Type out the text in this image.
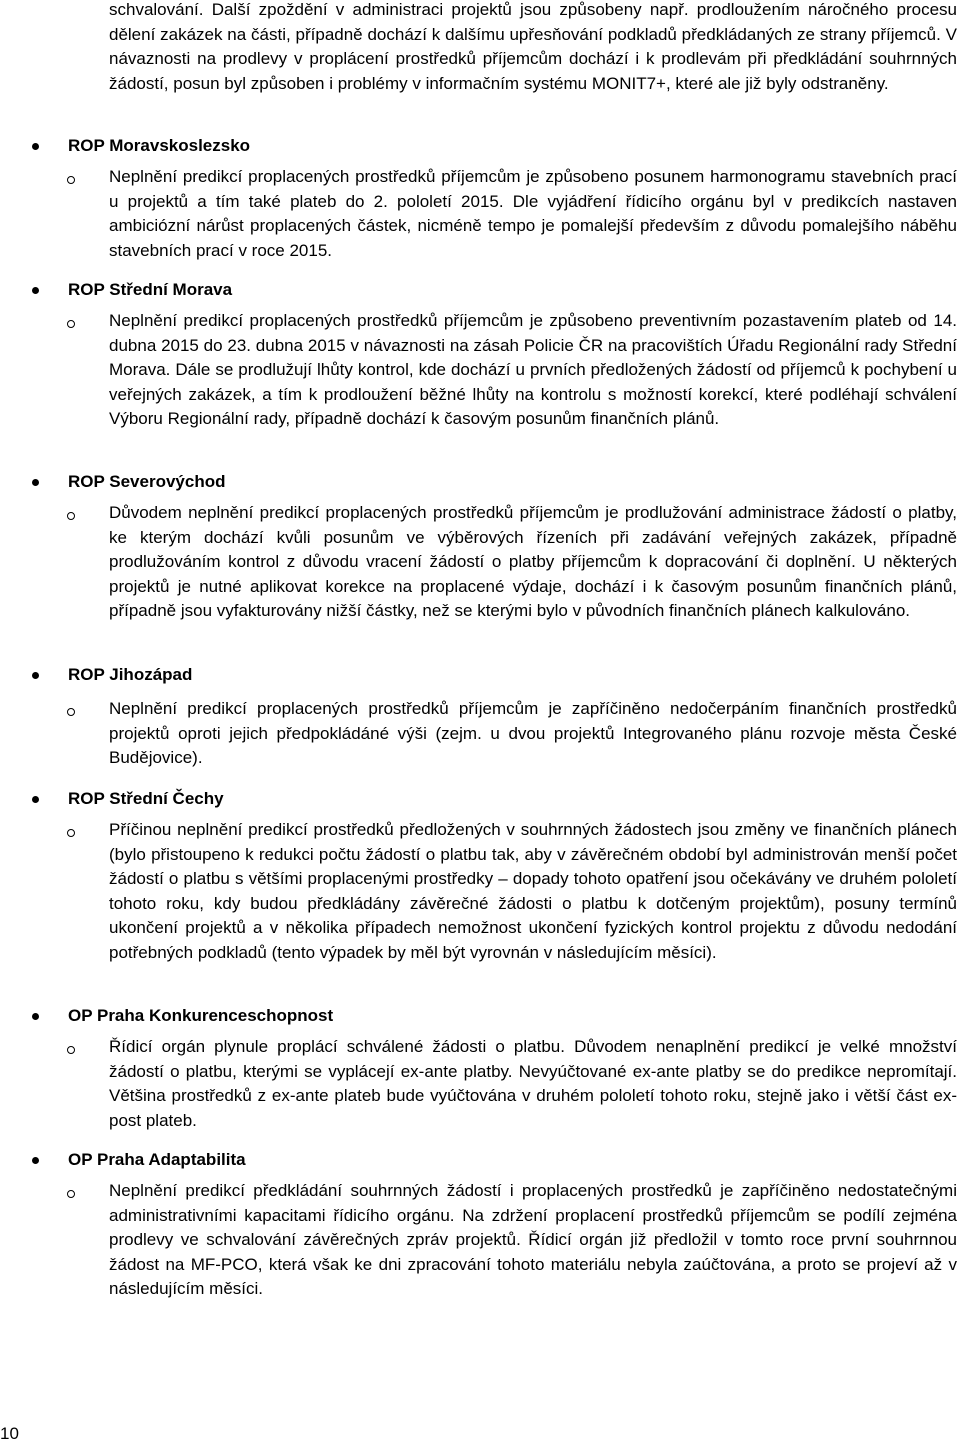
schvalování. Další zpoždění v administraci projektů jsou způsobeny např. prodloužením náročného procesu dělení zakázek na části, případně dochází k dalšímu upřesňování podkladů předkládaných ze strany příjemců. V návaznosti na prodlevy v proplácení prostředků příjemcům dochází i k prodlevám při předkládání souhrnných žádostí, posun byl způsoben i problémy v informačním systému MONIT7+, které ale již byly odstraněny.
ROP Moravskoslezsko
Neplnění predikcí proplacených prostředků příjemcům je způsobeno posunem harmonogramu stavebních prací u projektů a tím také plateb do 2. pololetí 2015. Dle vyjádření řídicího orgánu byl v predikcích nastaven ambiciózní nárůst proplacených částek, nicméně tempo je pomalejší především z důvodu pomalejšího náběhu stavebních prací v roce 2015.
ROP Střední Morava
Neplnění predikcí proplacených prostředků příjemcům je způsobeno preventivním pozastavením plateb od 14. dubna 2015 do 23. dubna 2015 v návaznosti na zásah Policie ČR na pracovištích Úřadu Regionální rady Střední Morava. Dále se prodlužují lhůty kontrol, kde dochází u prvních předložených žádostí od příjemců k pochybení u veřejných zakázek, a tím k prodloužení běžné lhůty na kontrolu s možností korekcí, které podléhají schválení Výboru Regionální rady, případně dochází k časovým posunům finančních plánů.
ROP Severovýchod
Důvodem neplnění predikcí proplacených prostředků příjemcům je prodlužování administrace žádostí o platby, ke kterým dochází kvůli posunům ve výběrových řízeních při zadávání veřejných zakázek, případně prodlužováním kontrol z důvodu vracení žádostí o platby příjemcům k dopracování či doplnění. U některých projektů je nutné aplikovat korekce na proplacené výdaje, dochází i k časovým posunům finančních plánů, případně jsou vyfakturovány nižší částky, než se kterými bylo v původních finančních plánech kalkulováno.
ROP Jihozápad
Neplnění predikcí proplacených prostředků příjemcům je zapříčiněno nedočerpáním finančních prostředků projektů oproti jejich předpokládáné výši (zejm. u dvou projektů Integrovaného plánu rozvoje města České Budějovice).
ROP Střední Čechy
Příčinou neplnění predikcí prostředků předložených v souhrnných žádostech jsou změny ve finančních plánech (bylo přistoupeno k redukci počtu žádostí o platbu tak, aby v závěrečném období byl administrován menší počet žádostí o platbu s většími proplacenými prostředky – dopady tohoto opatření jsou očekávány ve druhém pololetí tohoto roku, kdy budou předkládány závěrečné žádosti o platbu k dotčeným projektům), posuny termínů ukončení projektů a v několika případech nemožnost ukončení fyzických kontrol projektu z důvodu nedodání potřebných podkladů (tento výpadek by měl být vyrovnán v následujícím měsíci).
OP Praha Konkurenceschopnost
Řídicí orgán plynule proplácí schválené žádosti o platbu. Důvodem nenaplnění predikcí je velké množství žádostí o platbu, kterými se vyplácejí ex-ante platby. Nevyúčtované ex-ante platby se do predikce nepromítají. Většina prostředků z ex-ante plateb bude vyúčtována v druhém pololetí tohoto roku, stejně jako i větší část ex-post plateb.
OP Praha Adaptabilita
Neplnění predikcí předkládání souhrnných žádostí i proplacených prostředků je zapříčiněno nedostatečnými administrativními kapacitami řídicího orgánu. Na zdržení proplacení prostředků příjemcům se podílí zejména prodlevy ve schvalování závěrečných zpráv projektů. Řídicí orgán již předložil v tomto roce první souhrnnou žádost na MF-PCO, která však ke dni zpracování tohoto materiálu nebyla zaúčtována, a proto se projeví až v následujícím měsíci.
10
